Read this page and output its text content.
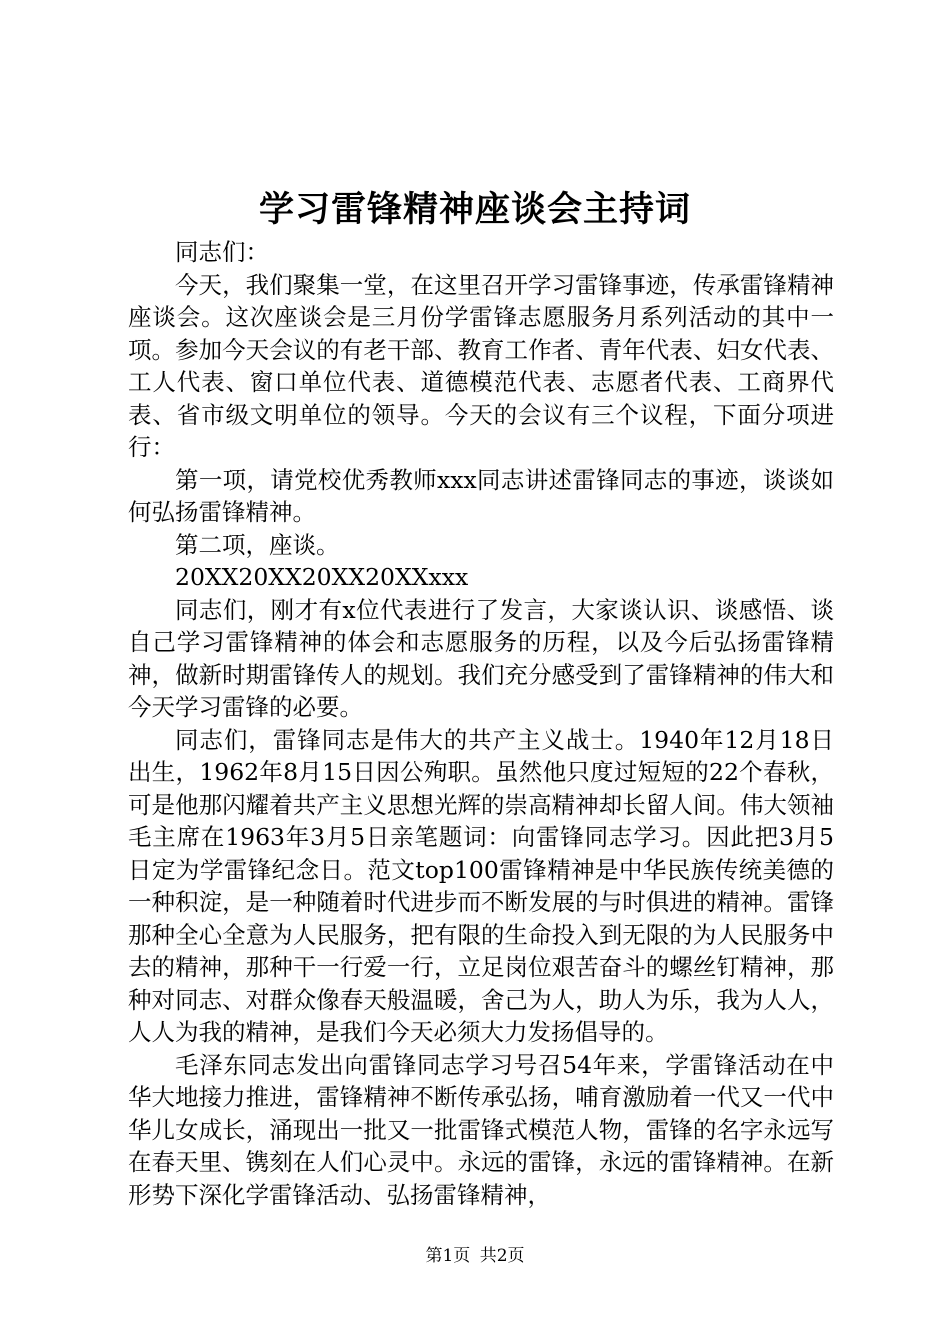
学习雷锋精神座谈会主持词

同志们：

今天，我们聚集一堂，在这里召开学习雷锋事迹，传承雷锋精神座谈会。这次座谈会是三月份学雷锋志愿服务月系列活动的其中一项。参加今天会议的有老干部、教育工作者、青年代表、妇女代表、工人代表、窗口单位代表、道德模范代表、志愿者代表、工商界代表、省市级文明单位的领导。今天的会议有三个议程，下面分项进行：

第一项，请党校优秀教师xxx同志讲述雷锋同志的事迹，谈谈如何弘扬雷锋精神。

第二项，座谈。

20XX20XX20XX20XXxxx

同志们，刚才有x位代表进行了发言，大家谈认识、谈感悟、谈自己学习雷锋精神的体会和志愿服务的历程，以及今后弘扬雷锋精神，做新时期雷锋传人的规划。我们充分感受到了雷锋精神的伟大和今天学习雷锋的必要。

同志们，雷锋同志是伟大的共产主义战士。1940年12月18日出生，1962年8月15日因公殉职。虽然他只度过短短的22个春秋，可是他那闪耀着共产主义思想光辉的崇高精神却长留人间。伟大领袖毛主席在1963年3月5日亲笔题词：向雷锋同志学习。因此把3月5日定为学雷锋纪念日。范文top100雷锋精神是中华民族传统美德的一种积淀，是一种随着时代进步而不断发展的与时俱进的精神。雷锋那种全心全意为人民服务，把有限的生命投入到无限的为人民服务中去的精神，那种干一行爱一行，立足岗位艰苦奋斗的螺丝钉精神，那种对同志、对群众像春天般温暖，舍己为人，助人为乐，我为人人，人人为我的精神，是我们今天必须大力发扬倡导的。

毛泽东同志发出向雷锋同志学习号召54年来，学雷锋活动在中华大地接力推进，雷锋精神不断传承弘扬，哺育激励着一代又一代中华儿女成长，涌现出一批又一批雷锋式模范人物，雷锋的名字永远写在春天里、镌刻在人们心灵中。永远的雷锋，永远的雷锋精神。在新形势下深化学雷锋活动、弘扬雷锋精神，

第1页 共2页
